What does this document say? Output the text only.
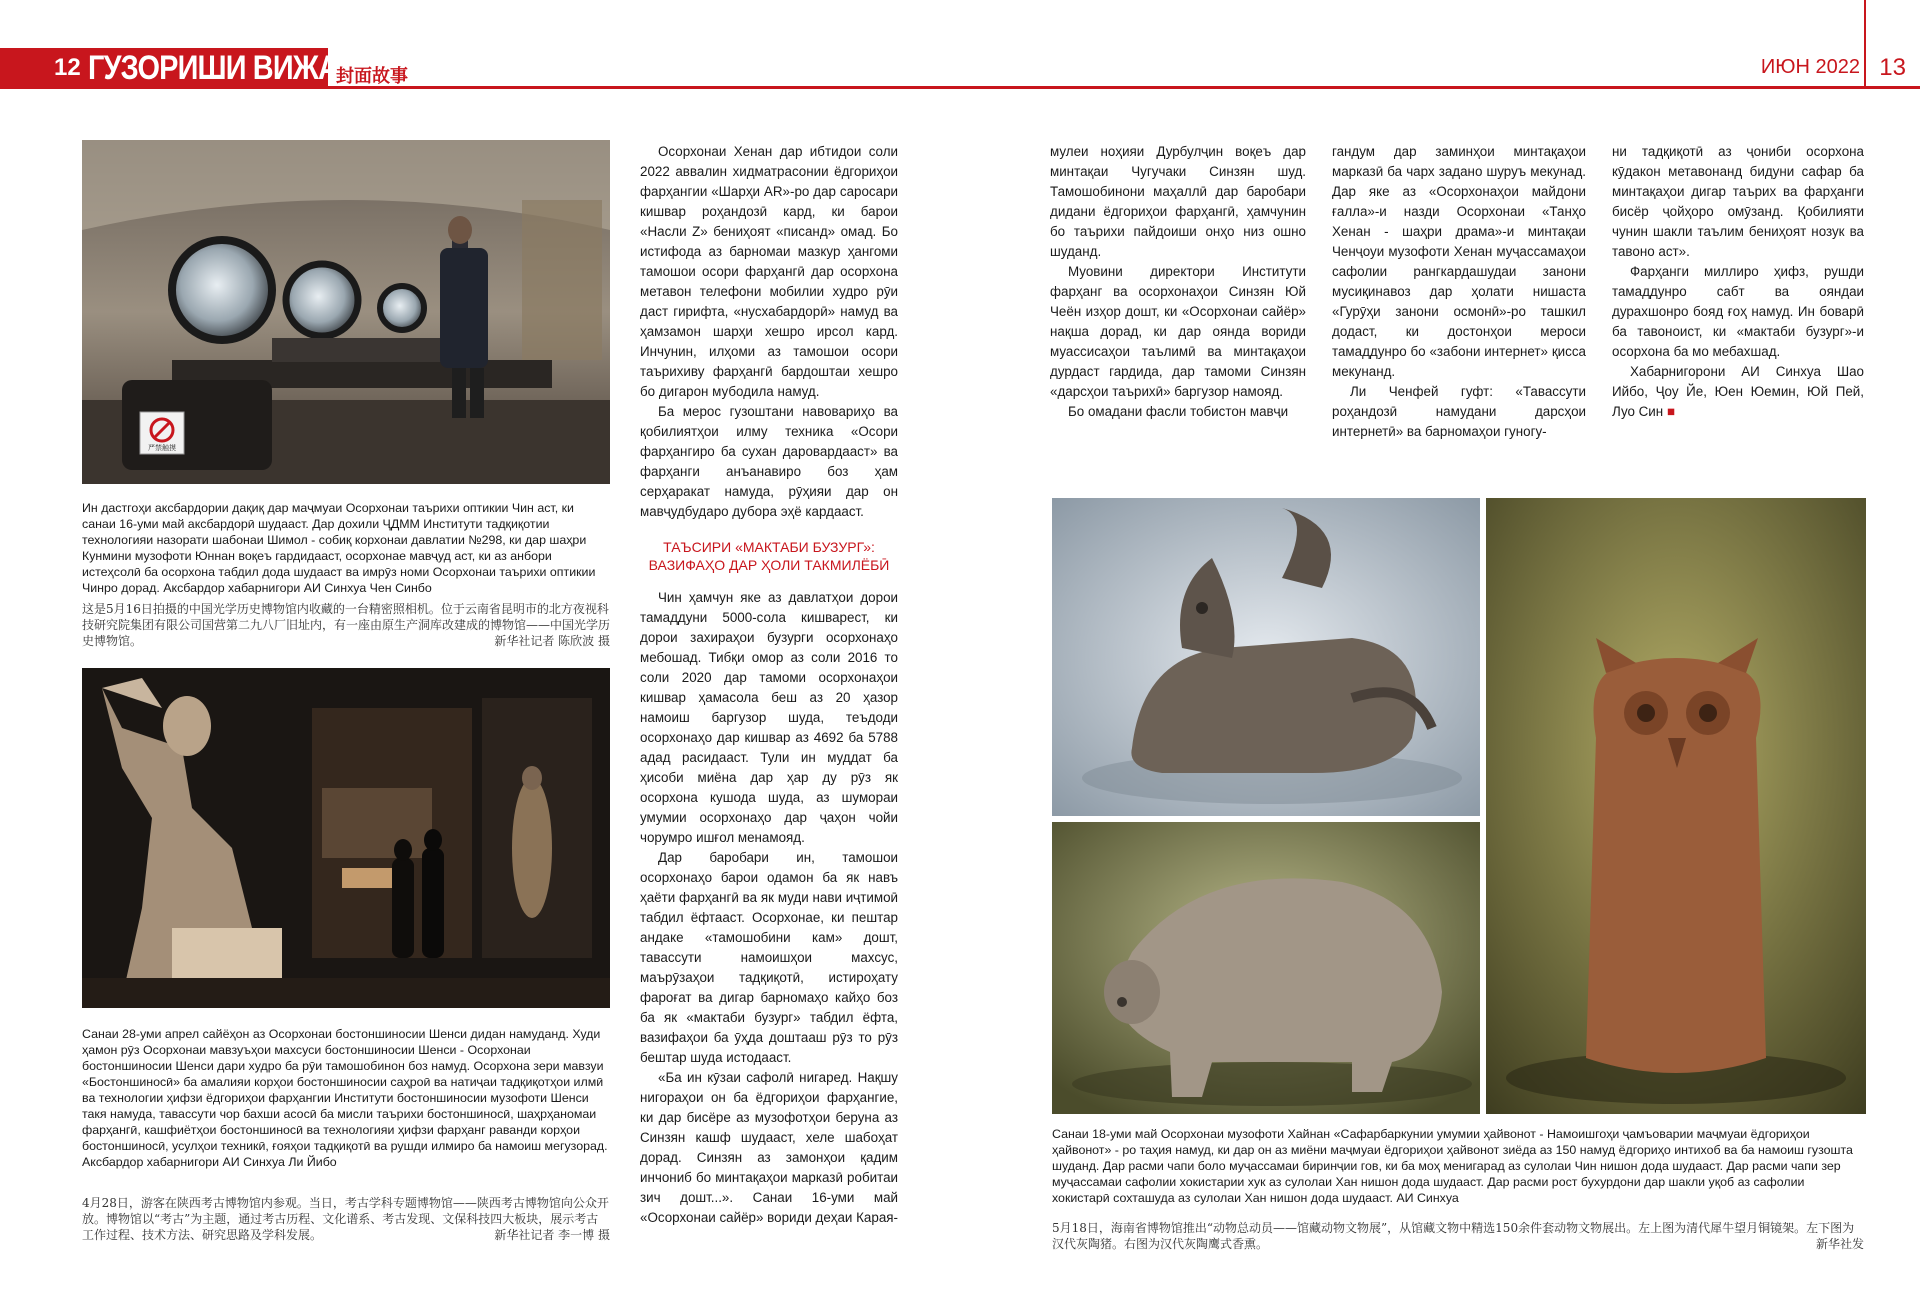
12 ГУЗОРИШИ ВИЖА
封面故事	ИЮН 2022 13
严禁触摸
Ин дастгоҳи аксбардории дақиқ дар маҷмуаи Осорхонаи таърихи оптикии Чин аст, ки санаи 16-уми май аксбардорӣ шудааст. Дар дохили ҶДММ Институти тадқиқотии технологияи назорати шабонаи Шимол - собиқ корхонаи давлатии №298, ки дар шаҳри Кунмини музофоти Юннан воқеъ гардидааст, осорхонае мавҷуд аст, ки аз анбори истеҳсолӣ ба осорхона табдил дода шудааст ва имрӯз номи Осорхонаи таърихи оптикии Чинро дорад. Аксбардор хабарнигори АИ Синхуа Чен Синбо
这是5月16日拍摄的中国光学历史博物馆内收藏的一台精密照相机。位于云南省昆明市的北方夜视科技研究院集团有限公司国营第二九八厂旧址内，有一座由原生产洞库改建成的博物馆——中国光学历史博物馆。	新华社记者 陈欣波 摄
Санаи 28-уми апрел сайёҳон аз Осорхонаи бостоншиносии Шенси дидан намуданд. Худи ҳамон рӯз Осорхонаи мавзуъҳои махсуси бостоншиносии Шенси - Осорхонаи бостоншиносии Шенси дари худро ба рӯи тамошобинон боз намуд. Осорхона зери мавзуи «Бостоншиносӣ» ба амалияи корҳои бостоншиносии саҳроӣ ва натиҷаи тадқиқотҳои илмӣ ва технологии ҳифзи ёдгориҳои фарҳангии Институти бостоншиносии музофоти Шенси такя намуда, тавассути чор бахши асосӣ ба мисли таърихи бостоншиносӣ, шаҳрҳаномаи фарҳангӣ, кашфиётҳои бостоншиносӣ ва технологияи ҳифзи фарҳанг раванди корҳои бостоншиносӣ, усулҳои техникӣ, ғояҳои тадқиқотӣ ва рушди илмиро ба намоиш мегузорад. Аксбардор хабарнигори АИ Синхуа Ли Йибо
4月28日，游客在陕西考古博物馆内参观。当日，考古学科专题博物馆——陕西考古博物馆向公众开放。博物馆以“考古”为主题，通过考古历程、文化谱系、考古发现、文保科技四大板块，展示考古工作过程、技术方法、研究思路及学科发展。	新华社记者 李一博 摄

Осорхонаи Хенан дар ибтидои соли 2022 аввалин хидматрасонии ёдгориҳои фарҳангии «Шарҳи AR»-ро дар саросари кишвар роҳандозӣ кард, ки барои «Насли Z» бениҳоят «писанд» омад. Бо истифода аз барномаи мазкур ҳангоми тамошои осори фарҳангӣ дар осорхона метавон телефони мобилии худро рӯи даст гирифта, «нусхабардорӣ» намуд ва ҳамзамон шарҳи хешро ирсол кард. Инчунин, илҳоми аз тамошои осори таърихиву фарҳангӣ бардоштаи хешро бо дигарон мубодила намуд.

Ба мерос гузоштани навовариҳо ва қобилиятҳои илму техника «Осори фарҳангиро ба сухан даровардааст» ва фарҳанги анъанавиро боз ҳам серҳаракат намуда, рӯҳияи дар он мавҷудбударо дубора эҳё кардааст.

ТАЪСИРИ «МАКТАБИ БУЗУРГ»:
ВАЗИФАҲО ДАР ҲОЛИ ТАКМИЛЁБӢ

Чин ҳамчун яке аз давлатҳои дорои тамаддуни 5000-сола кишварест, ки дорои захираҳои бузурги осорхонаҳо мебошад. Тибқи омор аз соли 2016 то соли 2020 дар тамоми осорхонаҳои кишвар ҳамасола беш аз 20 ҳазор намоиш баргузор шуда, теъдоди осорхонаҳо дар кишвар аз 4692 ба 5788 адад расидааст. Тули ин муддат ба ҳисоби миёна дар ҳар ду рӯз як осорхона кушода шуда, аз шумораи умумии осорхонаҳо дар ҷаҳон чойи чорумро ишғол менамояд.

Дар баробари ин, тамошои осорхонаҳо барои одамон ба як навъ ҳаёти фарҳангӣ ва як муди нави иҷтимоӣ табдил ёфтааст. Осорхонае, ки пештар андаке «тамошобини кам» дошт, тавассути намоишҳои махсус, маърӯзаҳои тадқиқотӣ, истироҳату фароғат ва дигар барномаҳо кайҳо боз ба як «мактаби бузург» табдил ёфта, вазифаҳои ба ӯҳда доштааш рӯз то рӯз бештар шуда истодааст.

«Ба ин кӯзаи сафолӣ нигаред. Нақшу нигораҳои он ба ёдгориҳои фарҳангие, ки дар бисёре аз музофотҳои беруна аз Синзян кашф шудааст, хеле шабоҳат дорад. Синзян аз замонҳои қадим инчониб бо минтақаҳои марказӣ робитаи зич дошт...». Санаи 16-уми май «Осорхонаи сайёр» вориди деҳаи Карая-

мулеи ноҳияи Дурбулҷин воқеъ дар минтақаи Чугучаки Синзян шуд. Тамошобинони маҳаллӣ дар баробари дидани ёдгориҳои фарҳангӣ, ҳамчунин бо таърихи пайдоиши онҳо низ ошно шуданд.

Муовини директори Институти фарҳанг ва осорхонаҳои Синзян Юй Чеён изҳор дошт, ки «Осорхонаи сайёр» нақша дорад, ки дар оянда вориди муассисаҳои таълимӣ ва минтақаҳои дурдаст гардида, дар тамоми Синзян «дарсҳои таърихӣ» баргузор намояд.

Бо омадани фасли тобистон мавҷи

гандум дар заминҳои минтақаҳои марказӣ ба чарх задано шуруъ мекунад. Дар яке аз «Осорхонаҳои майдони ғалла»-и назди Осорхонаи «Танҳо Хенан - шаҳри драма»-и минтақаи Ченҷоуи музофоти Хенан муҷассамаҳои сафолии рангкардашудаи занони мусиқинавоз дар ҳолати нишаста «Гурӯҳи занони осмонӣ»-ро ташкил додаст, ки достонҳои мероси тамаддунро бо «забони интернет» қисса мекунанд.

Ли Ченфей гуфт: «Тавассути роҳандозӣ намудани дарсҳои интернетӣ» ва барномаҳои гуногу-

ни тадқиқотӣ аз ҷониби осорхона кӯдакон метавонанд бидуни сафар ба минтақаҳои дигар таърих ва фарҳанги бисёр ҷойҳоро омӯзанд. Қобилияти чунин шакли таълим бениҳоят нозук ва тавоно аст».

Фарҳанги миллиро ҳифз, рушди тамаддунро сабт ва ояндаи дурахшонро бояд ғоҳ намуд. Ин боварӣ ба тавоноист, ки «мактаби бузург»-и осорхона ба мо мебахшад.

Хабарнигорони АИ Синхуа Шао Ийбо, Ҷоу Йе, Юен Юемин, Юй Пей, Луо Син ■

Санаи 18-уми май Осорхонаи музофоти Хайнан «Сафарбаркунии умумии ҳайвонот - Намоишгоҳи ҷамъоварии маҷмуаи ёдгориҳои ҳайвонот» - ро таҳия намуд, ки дар он аз миёни маҷмуаи ёдгориҳои ҳайвонот зиёда аз 150 намуд ёдгориҳо интихоб ва ба намоиш гузошта шуданд. Дар расми чапи боло муҷассамаи биринҷии гов, ки ба моҳ менигарад аз сулолаи Чин нишон дода шудааст. Дар расми чапи зер муҷассамаи сафолии хокистарии хук аз сулолаи Хан нишон дода шудааст. Дар расми рост бухурдони дар шакли уқоб аз сафолии хокистарӣ сохташуда аз сулолаи Хан нишон дода шудааст. АИ Синхуа
5月18日，海南省博物馆推出“动物总动员——馆藏动物文物展”，从馆藏文物中精选150余件套动物文物展出。左上图为清代犀牛望月铜镜架。左下图为汉代灰陶猪。右图为汉代灰陶鹰式香熏。	新华社发
